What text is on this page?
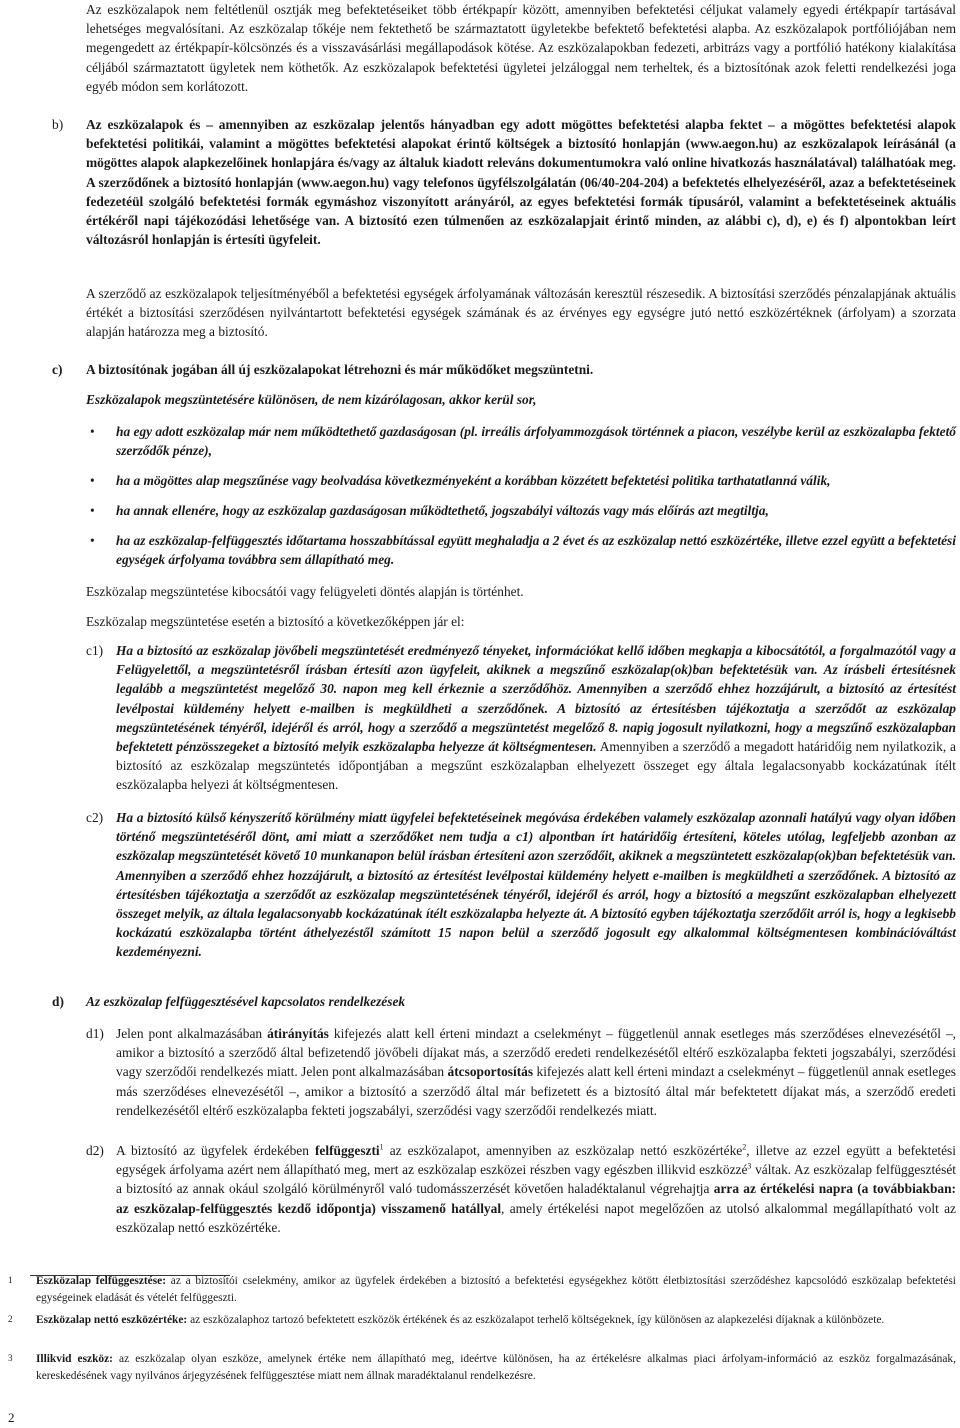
Az eszközalapok nem feltétlenül osztják meg befektetéseiket több értékpapír között, amennyiben befektetési céljukat valamely egyedi értékpapír tartásával lehetséges megvalósítani. Az eszközalap tőkéje nem fektethető be származtatott ügyletekbe befektető befektetési alapba. Az eszközalapok portfóliójában nem megengedett az értékpapír-kölcsönzés és a visszavásárlási megállapodások kötése. Az eszközalapokban fedezeti, arbitrázs vagy a portfólió hatékony kialakítása céljából származtatott ügyletek nem köthetők. Az eszközalapok befektetési ügyletei jelzáloggal nem terheltek, és a biztosítónak azok feletti rendelkezési joga egyéb módon sem korlátozott.

b) Az eszközalapok és – amennyiben az eszközalap jelentős hányadban egy adott mögöttes befektetési alapba fektet – a mögöttes befektetési alapok befektetési politikái, valamint a mögöttes befektetési alapokat érintő költségek a biztosító honlapján (www.aegon.hu) az eszközalapok leírásánál (a mögöttes alapok alapkezelőinek honlapjára és/vagy az általuk kiadott releváns dokumentumokra való online hivatkozás használatával) találhatóak meg. A szerződőnek a biztosító honlapján (www.aegon.hu) vagy telefonos ügyfélszolgálatán (06/40-204-204) a befektetés elhelyezéséről, azaz a befektetéseinek fedezetéül szolgáló befektetési formák egymáshoz viszonyított arányáról, az egyes befektetési formák típusáról, valamint a befektetéseinek aktuális értékéről napi tájékozódási lehetősége van. A biztosító ezen túlmenően az eszközalapjait érintő minden, az alábbi c), d), e) és f) alpontokban leírt változásról honlapján is értesíti ügyfeleit.

A szerződő az eszközalapok teljesítményéből a befektetési egységek árfolyamának változásán keresztül részesedik. A biztosítási szerződés pénzalapjának aktuális értékét a biztosítási szerződésen nyilvántartott befektetési egységek számának és az érvényes egy egységre jutó nettó eszközértéknek (árfolyam) a szorzata alapján határozza meg a biztosító.

c) A biztosítónak jogában áll új eszközalapokat létrehozni és már működőket megszüntetni.

Eszközalapok megszüntetésére különösen, de nem kizárólagosan, akkor kerül sor,

• ha egy adott eszközalap már nem működtethető gazdaságosan (pl. irreális árfolyammozgások történnek a piacon, veszélybe kerül az eszközalapba fektető szerződők pénze),

• ha a mögöttes alap megszűnése vagy beolvadása következményeként a korábban közzétett befektetési politika tarthatatlanná válik,

• ha annak ellenére, hogy az eszközalap gazdaságosan működtethető, jogszabályi változás vagy más előírás azt megtiltja,

• ha az eszközalap-felfüggesztés időtartama hosszabbítással együtt meghaladja a 2 évet és az eszközalap nettó eszközértéke, illetve ezzel együtt a befektetési egységek árfolyama továbbra sem állapítható meg.

Eszközalap megszüntetése kibocsátói vagy felügyeleti döntés alapján is történhet.

Eszközalap megszüntetése esetén a biztosító a következőképpen jár el:

c1) Ha a biztosító az eszközalap jövőbeli megszüntetését eredményező tényeket, információkat kellő időben megkapja a kibocsátótól, a forgalmazótól vagy a Felügyelettől, a megszüntetésről írásban értesíti azon ügyfeleit, akiknek a megszűnő eszközalap(ok)ban befektetésük van. Az írásbeli értesítésnek legalább a megszüntetést megelőző 30. napon meg kell érkeznie a szerződőhöz. Amennyiben a szerződő ehhez hozzájárult, a biztosító az értesítést levélpostai küldemény helyett e-mailben is megküldheti a szerződőnek. A biztosító az értesítésben tájékoztatja a szerződőt az eszközalap megszüntetésének tényéről, idejéről és arról, hogy a szerződő a megszüntetést megelőző 8. napig jogosult nyilatkozni, hogy a megszűnő eszközalapban befektetett pénzösszegeket a biztosító melyik eszközalapba helyezze át költségmentesen. Amennyiben a szerződő a megadott határidőig nem nyilatkozik, a biztosító az eszközalap megszüntetés időpontjában a megszűnt eszközalapban elhelyezett összeget egy általa legalacsonyabb kockázatúnak ítélt eszközalapba helyezi át költségmentesen.

c2) Ha a biztosító külső kényszerítő körülmény miatt ügyfelei befektetéseinek megóvása érdekében valamely eszközalap azonnali hatályú vagy olyan időben történő megszüntetéséről dönt, ami miatt a szerződőket nem tudja a c1) alpontban írt határidőig értesíteni, köteles utólag, legfeljebb azonban az eszközalap megszüntetését követő 10 munkanapon belül írásban értesíteni azon szerződőit, akiknek a megszüntetett eszközalap(ok)ban befektetésük van. Amennyiben a szerződő ehhez hozzájárult, a biztosító az értesítést levélpostai küldemény helyett e-mailben is megküldheti a szerződőnek. A biztosító az értesítésben tájékoztatja a szerződőt az eszközalap megszüntetésének tényéről, idejéről és arról, hogy a biztosító a megszűnt eszközalapban elhelyezett összeget melyik, az általa legalacsonyabb kockázatúnak ítélt eszközalapba helyezte át. A biztosító egyben tájékoztatja szerződőit arról is, hogy a legkisebb kockázatú eszközalapba történt áthelyezéstől számított 15 napon belül a szerződő jogosult egy alkalommal költségmentesen kombinációváltást kezdeményezni.

d) Az eszközalap felfüggesztésével kapcsolatos rendelkezések

d1) Jelen pont alkalmazásában átirányítás kifejezés alatt kell érteni mindazt a cselekményt – függetlenül annak esetleges más szerződéses elnevezésétől –, amikor a biztosító a szerződő által befizetendő jövőbeli díjakat más, a szerződő eredeti rendelkezésétől eltérő eszközalapba fekteti jogszabályi, szerződési vagy szerződői rendelkezés miatt. Jelen pont alkalmazásában átcsoportosítás kifejezés alatt kell érteni mindazt a cselekményt – függetlenül annak esetleges más szerződéses elnevezésétől –, amikor a biztosító a szerződő által már befizetett és a biztosító által már befektetett díjakat más, a szerződő eredeti rendelkezésétől eltérő eszközalapba fekteti jogszabályi, szerződési vagy szerződői rendelkezés miatt.

d2) A biztosító az ügyfelek érdekében felfüggeszti$^1$ az eszközalapot, amennyiben az eszközalap nettó eszközértéke$^2$, illetve az ezzel együtt a befektetési egységek árfolyama azért nem állapítható meg, mert az eszközalap eszközei részben vagy egészben illikvid eszközzé$^3$ váltak. Az eszközalap felfüggesztését a biztosító az annak okául szolgáló körülményről való tudomásszerzését követően haladéktalanul végrehajtja arra az értékelési napra (a továbbiakban: az eszközalap-felfüggesztés kezdő időpontja) visszamenő hatállyal, amely értékelési napot megelőzően az utolsó alkalommal megállapítható volt az eszközalap nettó eszközértéke.

1 Eszközalap felfüggesztése: az a biztosítói cselekmény, amikor az ügyfelek érdekében a biztosító a befektetési egységekhez kötött életbiztosítási szerződéshez kapcsolódó eszközalap befektetési egységeinek eladását és vételét felfüggeszti.

2 Eszközalap nettó eszközértéke: az eszközalaphoz tartozó befektetett eszközök értékének és az eszközalapot terhelő költségeknek, így különösen az alapkezelési díjaknak a különbözete.

3 Illikvid eszköz: az eszközalap olyan eszköze, amelynek értéke nem állapítható meg, ideértve különösen, ha az értékelésre alkalmas piaci árfolyam-információ az eszköz forgalmazásának, kereskedésének vagy nyilvános árjegyzésének felfüggesztése miatt nem állnak maradéktalanul rendelkezésre.

2
